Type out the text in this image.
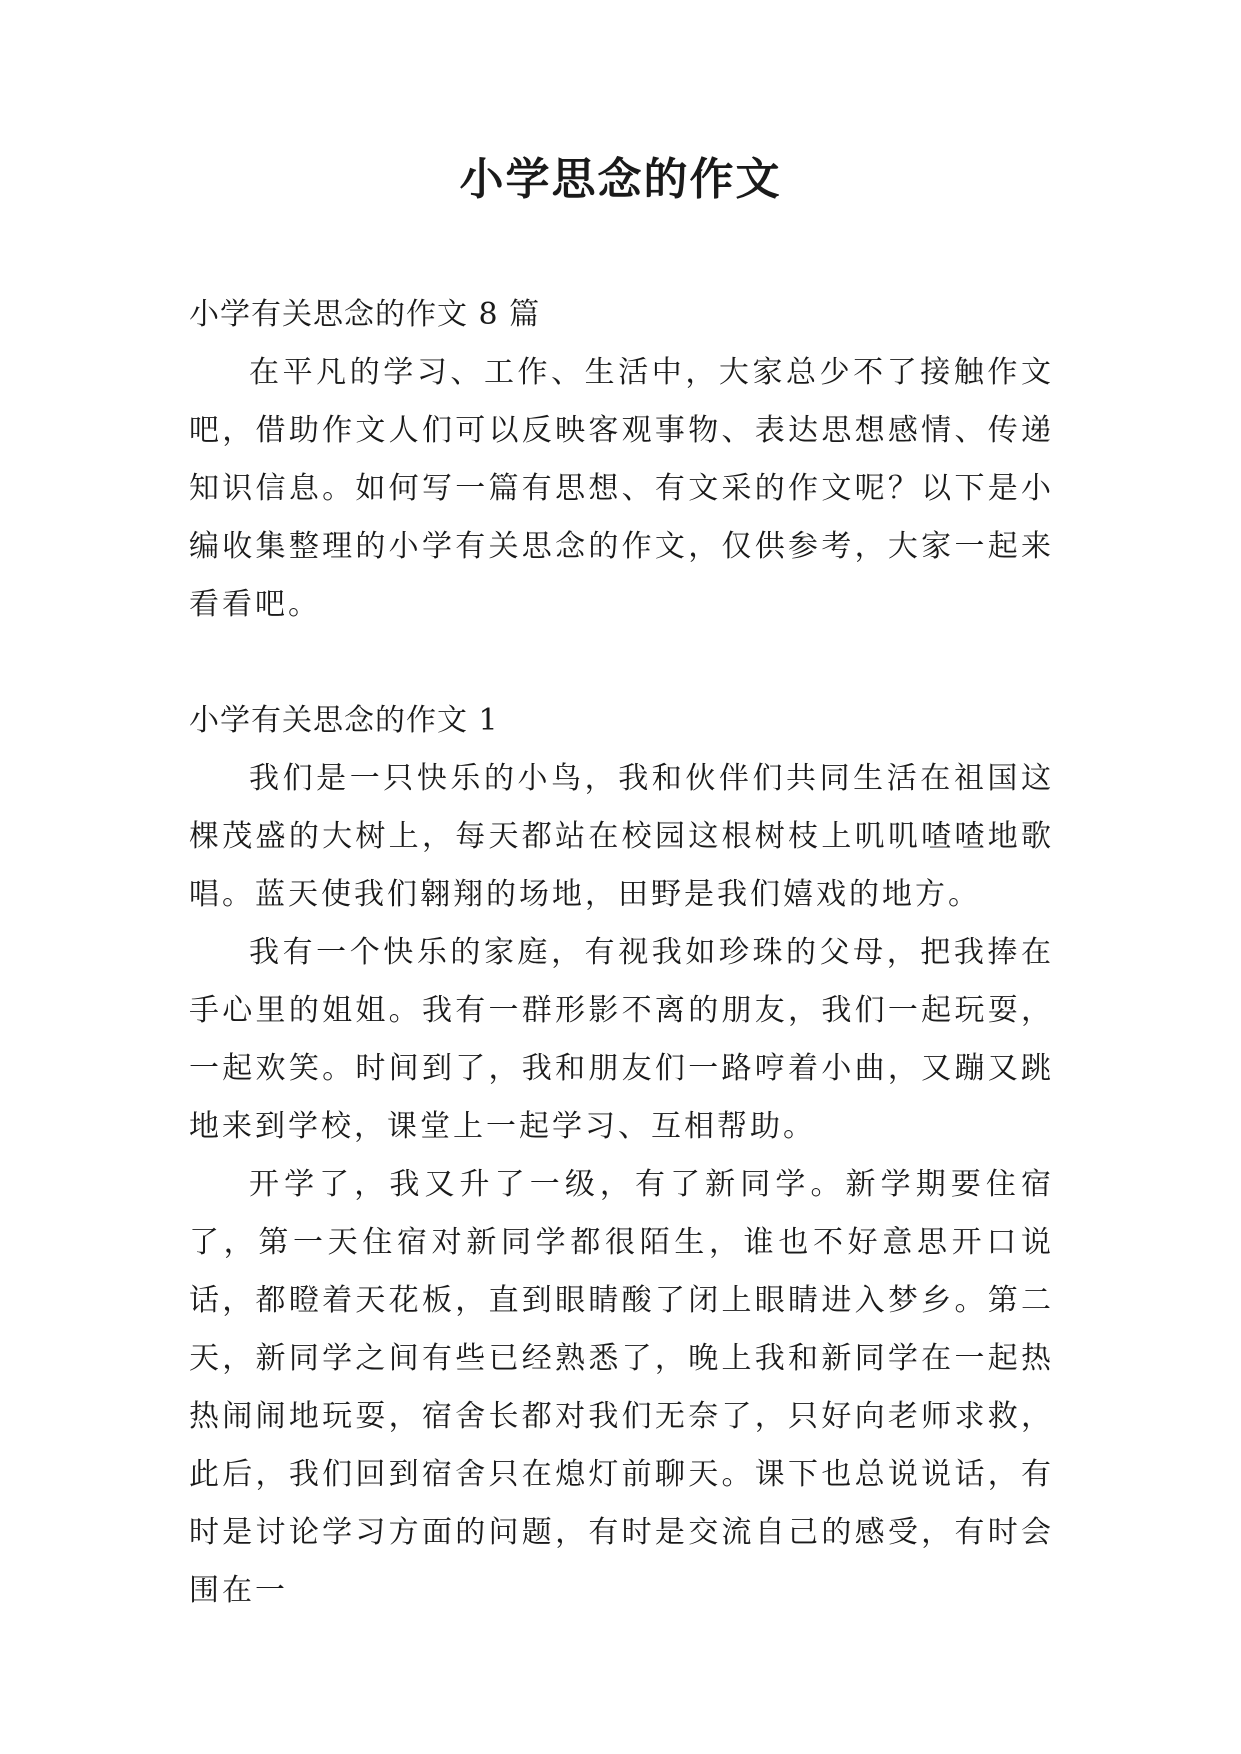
小学思念的作文

小学有关思念的作文 8 篇

在平凡的学习、工作、生活中，大家总少不了接触作文吧，借助作文人们可以反映客观事物、表达思想感情、传递知识信息。如何写一篇有思想、有文采的作文呢？以下是小编收集整理的小学有关思念的作文，仅供参考，大家一起来看看吧。

小学有关思念的作文 1

我们是一只快乐的小鸟，我和伙伴们共同生活在祖国这棵茂盛的大树上，每天都站在校园这根树枝上叽叽喳喳地歌唱。蓝天使我们翱翔的场地，田野是我们嬉戏的地方。

我有一个快乐的家庭，有视我如珍珠的父母，把我捧在手心里的姐姐。我有一群形影不离的朋友，我们一起玩耍，一起欢笑。时间到了，我和朋友们一路哼着小曲，又蹦又跳地来到学校，课堂上一起学习、互相帮助。

开学了，我又升了一级，有了新同学。新学期要住宿了，第一天住宿对新同学都很陌生，谁也不好意思开口说话，都瞪着天花板，直到眼睛酸了闭上眼睛进入梦乡。第二天，新同学之间有些已经熟悉了，晚上我和新同学在一起热热闹闹地玩耍，宿舍长都对我们无奈了，只好向老师求救，此后，我们回到宿舍只在熄灯前聊天。课下也总说说话，有时是讨论学习方面的问题，有时是交流自己的感受，有时会围在一
